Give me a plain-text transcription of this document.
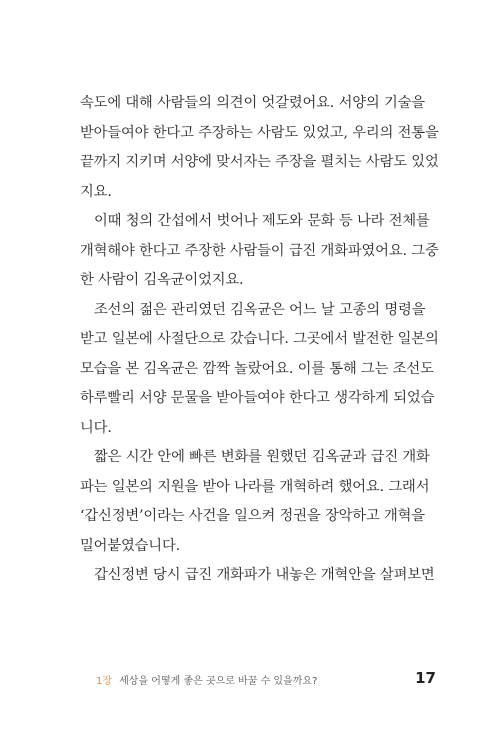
속도에 대해 사람들의 의견이 엇갈렸어요. 서양의 기술을
받아들여야 한다고 주장하는 사람도 있었고, 우리의 전통을
끝까지 지키며 서양에 맞서자는 주장을 펼치는 사람도 있었
지요.
이때 청의 간섭에서 벗어나 제도와 문화 등 나라 전체를
개혁해야 한다고 주장한 사람들이 급진 개화파였어요. 그중
한 사람이 김옥균이었지요.
조선의 젊은 관리였던 김옥균은 어느 날 고종의 명령을
받고 일본에 사절단으로 갔습니다. 그곳에서 발전한 일본의
모습을 본 김옥균은 깜짝 놀랐어요. 이를 통해 그는 조선도
하루빨리 서양 문물을 받아들여야 한다고 생각하게 되었습
니다.
짧은 시간 안에 빠른 변화를 원했던 김옥균과 급진 개화
파는 일본의 지원을 받아 나라를 개혁하려 했어요. 그래서
‘갑신정변’이라는 사건을 일으켜 정권을 장악하고 개혁을
밀어붙였습니다.
갑신정변 당시 급진 개화파가 내놓은 개혁안을 살펴보면
1장 세상을 어떻게 좋은 곳으로 바꿀 수 있을까요?	17
